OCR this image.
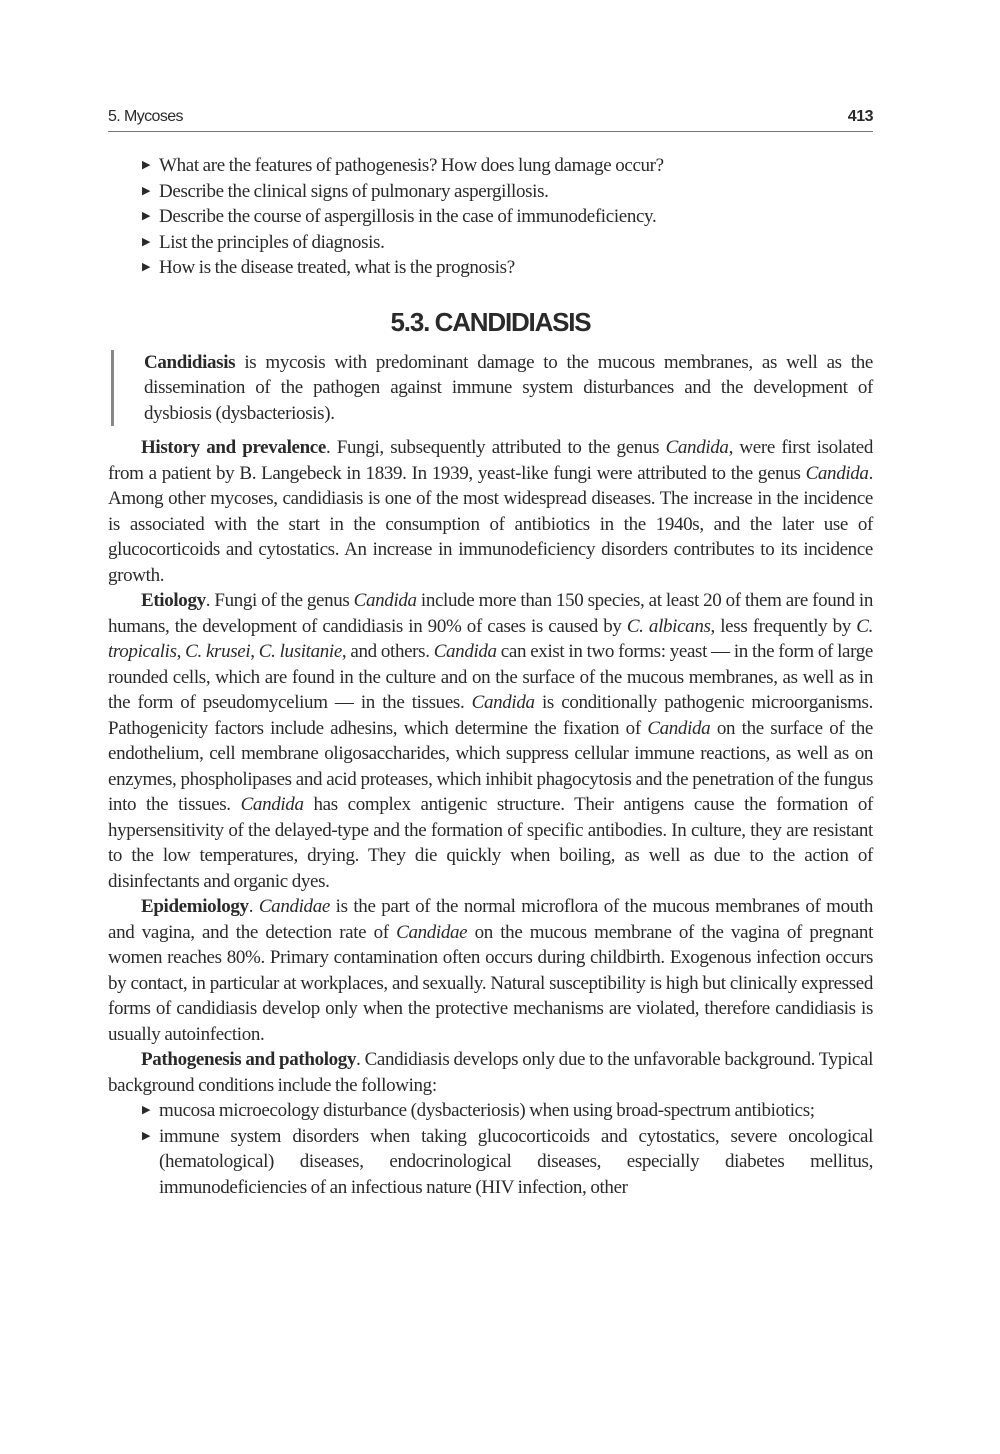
5. Mycoses	413
▶ What are the features of pathogenesis? How does lung damage occur?
▶ Describe the clinical signs of pulmonary aspergillosis.
▶ Describe the course of aspergillosis in the case of immunodeficiency.
▶ List the principles of diagnosis.
▶ How is the disease treated, what is the prognosis?
5.3. CANDIDIASIS
Candidiasis is mycosis with predominant damage to the mucous membranes, as well as the dissemination of the pathogen against immune system disturbances and the development of dysbiosis (dysbacteriosis).

History and prevalence. Fungi, subsequently attributed to the genus Candida, were first isolated from a patient by B. Langebeck in 1839. In 1939, yeast-like fungi were attributed to the genus Candida. Among other mycoses, candidiasis is one of the most widespread diseases. The increase in the incidence is associated with the start in the consumption of antibiotics in the 1940s, and the later use of glucocorticoids and cytostatics. An increase in immunodeficiency disorders contributes to its incidence growth.

Etiology. Fungi of the genus Candida include more than 150 species, at least 20 of them are found in humans, the development of candidiasis in 90% of cases is caused by C. albicans, less frequently by C. tropicalis, C. krusei, C. lusitanie, and others. Candida can exist in two forms: yeast — in the form of large rounded cells, which are found in the culture and on the surface of the mucous membranes, as well as in the form of pseudomycelium — in the tissues. Candida is conditionally pathogenic microorganisms. Pathogenicity factors include adhesins, which determine the fixation of Candida on the surface of the endothelium, cell membrane oligosaccharides, which suppress cellular immune reactions, as well as on enzymes, phospholipases and acid proteases, which inhibit phagocytosis and the penetration of the fungus into the tissues. Candida has complex antigenic structure. Their antigens cause the formation of hypersensitivity of the delayed-type and the formation of specific antibodies. In culture, they are resistant to the low temperatures, drying. They die quickly when boiling, as well as due to the action of disinfectants and organic dyes.

Epidemiology. Candidae is the part of the normal microflora of the mucous membranes of mouth and vagina, and the detection rate of Candidae on the mucous membrane of the vagina of pregnant women reaches 80%. Primary contamination often occurs during childbirth. Exogenous infection occurs by contact, in particular at workplaces, and sexually. Natural susceptibility is high but clinically expressed forms of candidiasis develop only when the protective mechanisms are violated, therefore candidiasis is usually autoinfection.

Pathogenesis and pathology. Candidiasis develops only due to the unfavorable background. Typical background conditions include the following:

▶ mucosa microecology disturbance (dysbacteriosis) when using broad-spectrum antibiotics;
▶ immune system disorders when taking glucocorticoids and cytostatics, severe oncological (hematological) diseases, endocrinological diseases, especially diabetes mellitus, immunodeficiencies of an infectious nature (HIV infection, other
